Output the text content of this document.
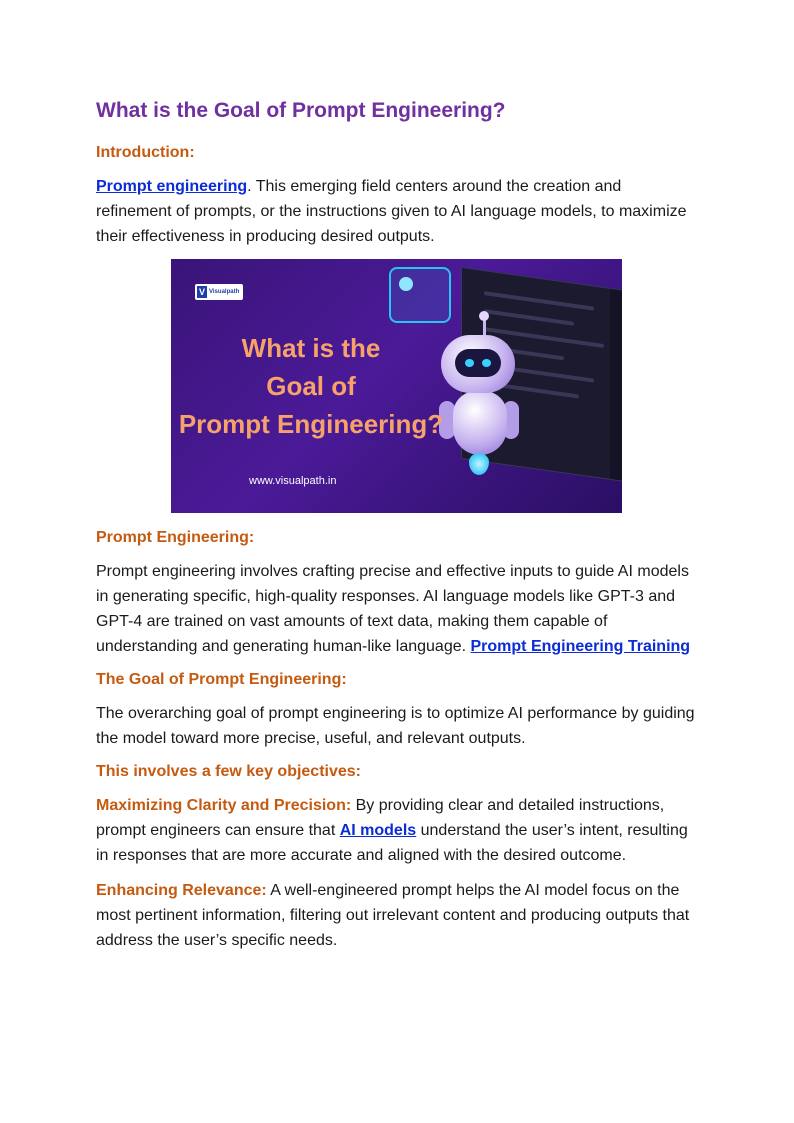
What is the Goal of Prompt Engineering?
Introduction:

Prompt engineering. This emerging field centers around the creation and refinement of prompts, or the instructions given to AI language models, to maximize their effectiveness in producing desired outputs.

V Visualpath
What is the
Goal of
Prompt Engineering?
www.visualpath.in
Prompt Engineering:

Prompt engineering involves crafting precise and effective inputs to guide AI models in generating specific, high-quality responses. AI language models like GPT-3 and GPT-4 are trained on vast amounts of text data, making them capable of understanding and generating human-like language. Prompt Engineering Training

The Goal of Prompt Engineering:

The overarching goal of prompt engineering is to optimize AI performance by guiding the model toward more precise, useful, and relevant outputs.

This involves a few key objectives:

Maximizing Clarity and Precision: By providing clear and detailed instructions, prompt engineers can ensure that AI models understand the user’s intent, resulting in responses that are more accurate and aligned with the desired outcome.

Enhancing Relevance: A well-engineered prompt helps the AI model focus on the most pertinent information, filtering out irrelevant content and producing outputs that address the user’s specific needs.
